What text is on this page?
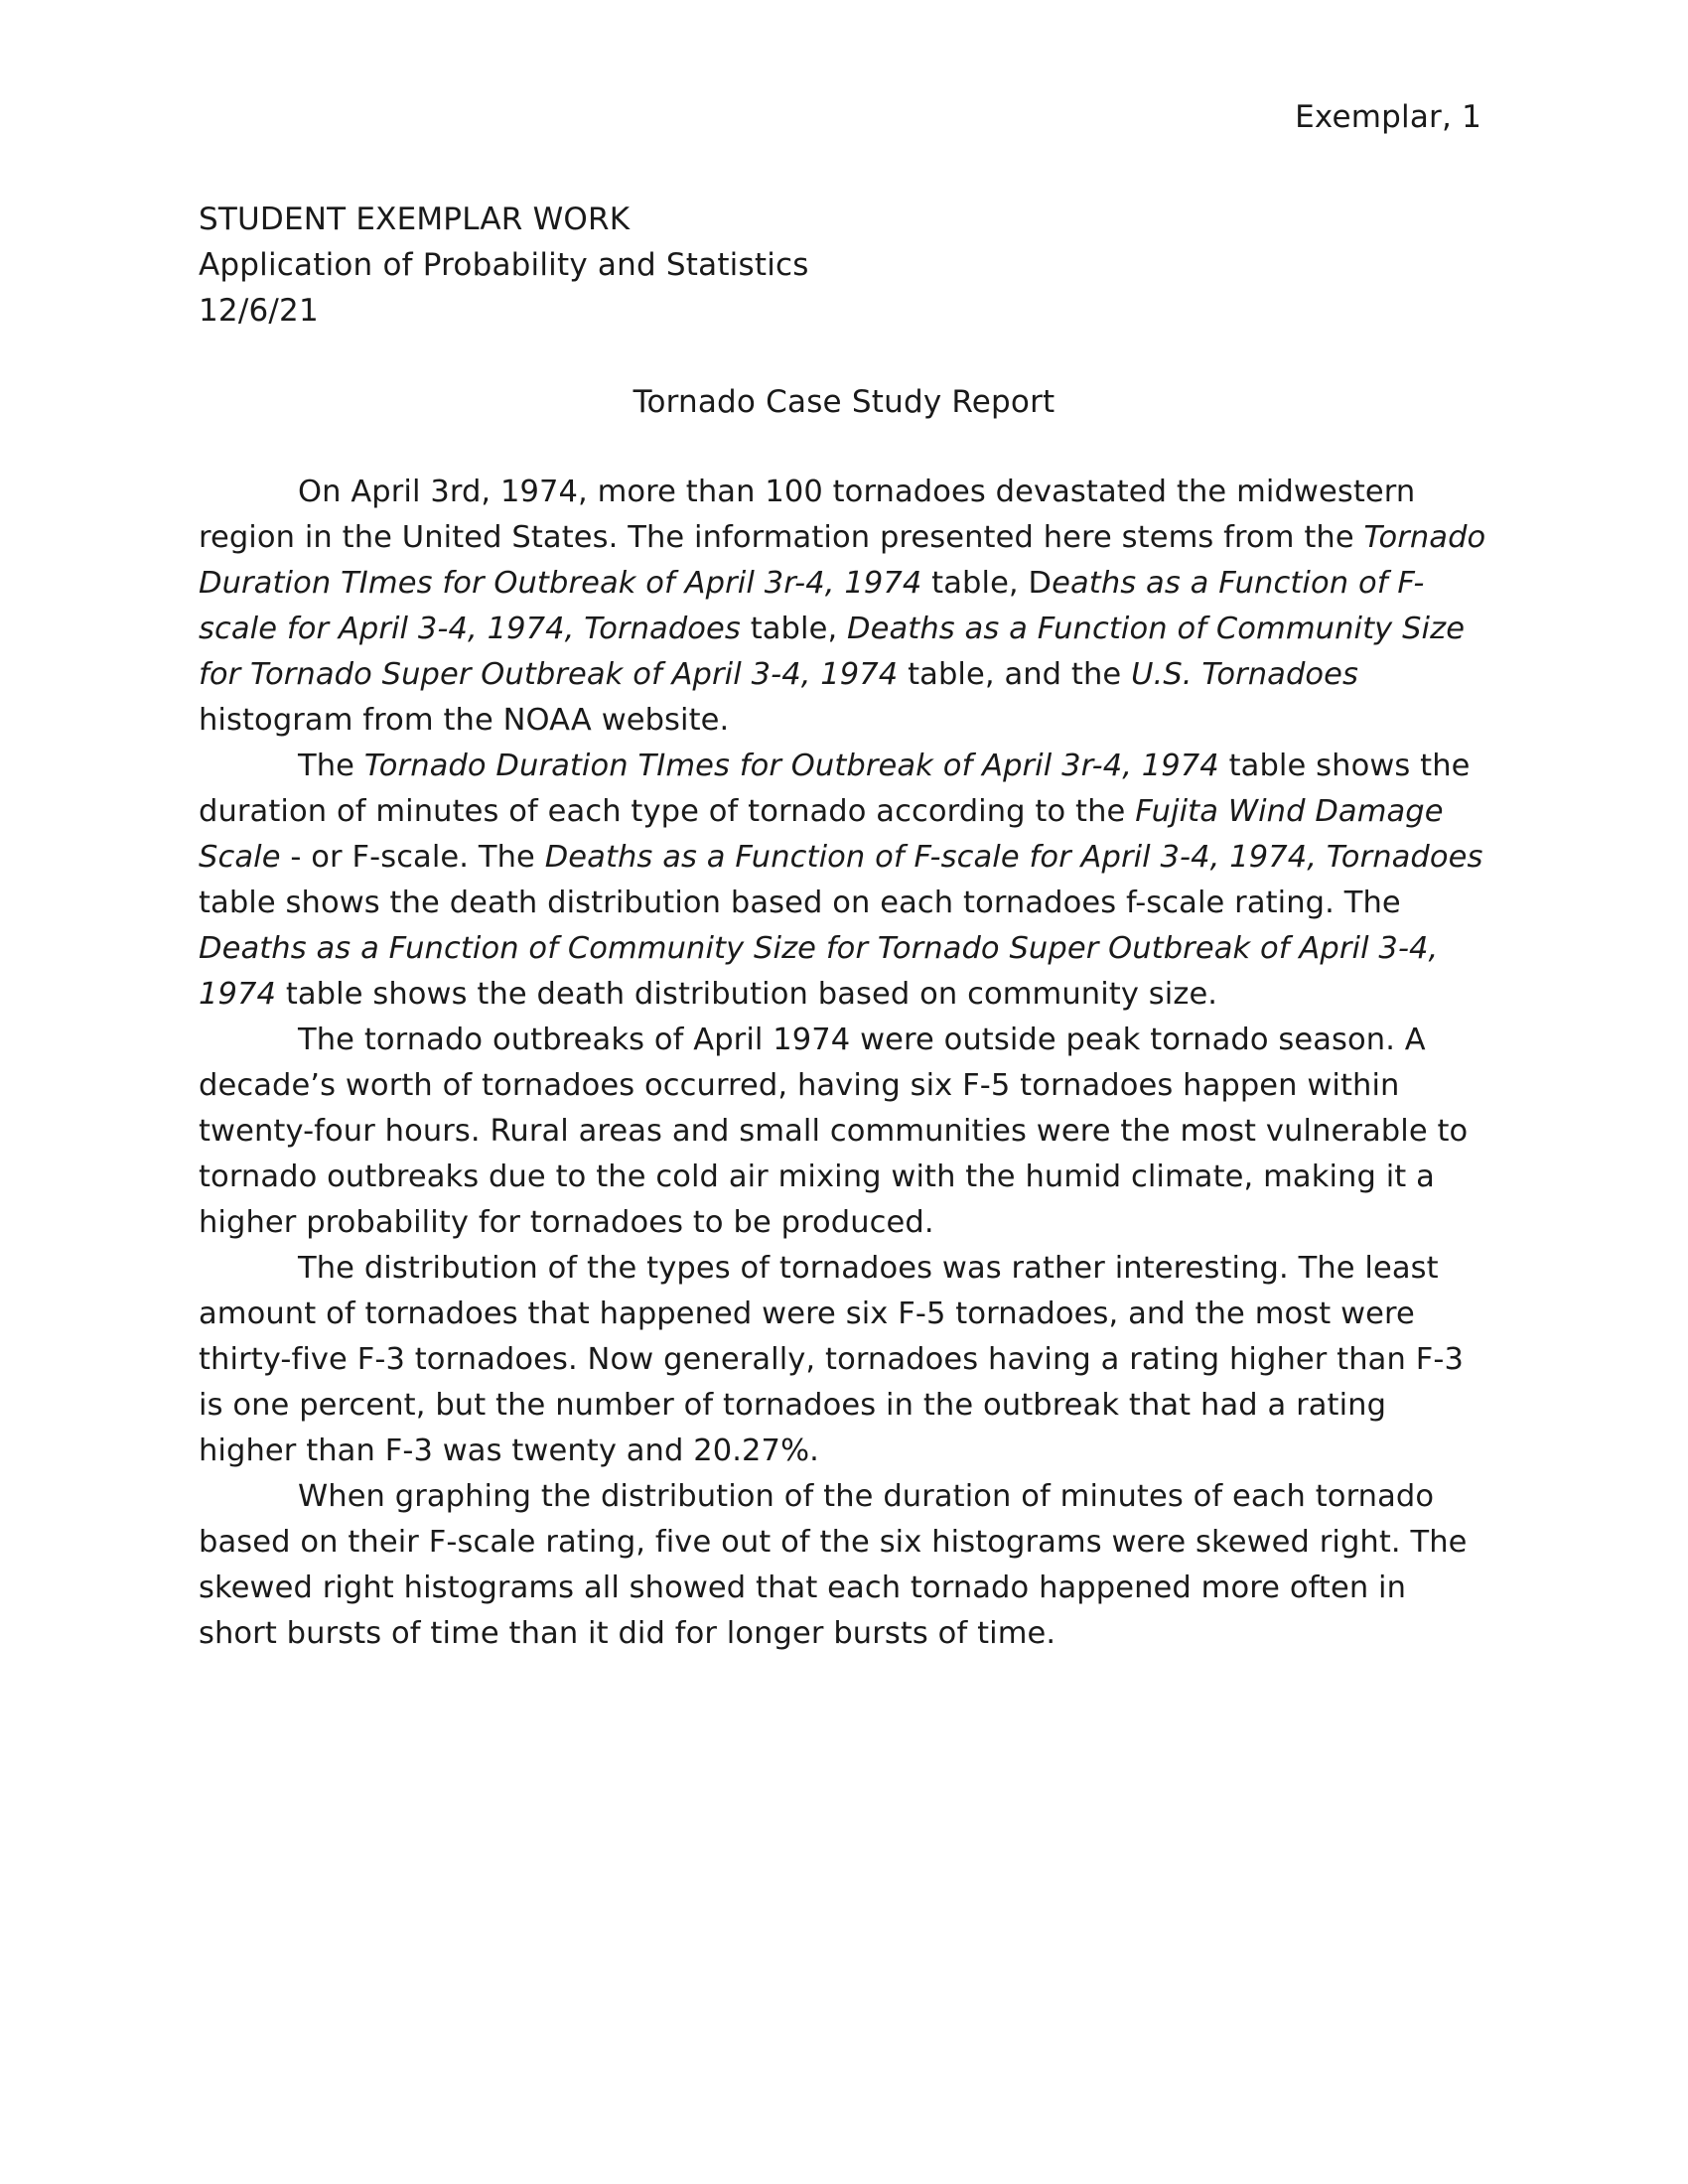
Exemplar, 1
STUDENT EXEMPLAR WORK
Application of Probability and Statistics
12/6/21
Tornado Case Study Report

On April 3rd, 1974, more than 100 tornadoes devastated the midwestern region in the United States. The information presented here stems from the Tornado Duration TImes for Outbreak of April 3r-4, 1974 table, Deaths as a Function of F-scale for April 3-4, 1974, Tornadoes table, Deaths as a Function of Community Size for Tornado Super Outbreak of April 3-4, 1974 table, and the U.S. Tornadoes histogram from the NOAA website.

The Tornado Duration TImes for Outbreak of April 3r-4, 1974 table shows the duration of minutes of each type of tornado according to the Fujita Wind Damage Scale - or F-scale. The Deaths as a Function of F-scale for April 3-4, 1974, Tornadoes table shows the death distribution based on each tornadoes f-scale rating. The Deaths as a Function of Community Size for Tornado Super Outbreak of April 3-4, 1974 table shows the death distribution based on community size.

The tornado outbreaks of April 1974 were outside peak tornado season. A decade’s worth of tornadoes occurred, having six F-5 tornadoes happen within twenty-four hours. Rural areas and small communities were the most vulnerable to tornado outbreaks due to the cold air mixing with the humid climate, making it a higher probability for tornadoes to be produced.

The distribution of the types of tornadoes was rather interesting. The least amount of tornadoes that happened were six F-5 tornadoes, and the most were thirty-five F-3 tornadoes. Now generally, tornadoes having a rating higher than F-3 is one percent, but the number of tornadoes in the outbreak that had a rating higher than F-3 was twenty and 20.27%.

When graphing the distribution of the duration of minutes of each tornado based on their F-scale rating, five out of the six histograms were skewed right. The skewed right histograms all showed that each tornado happened more often in short bursts of time than it did for longer bursts of time.
